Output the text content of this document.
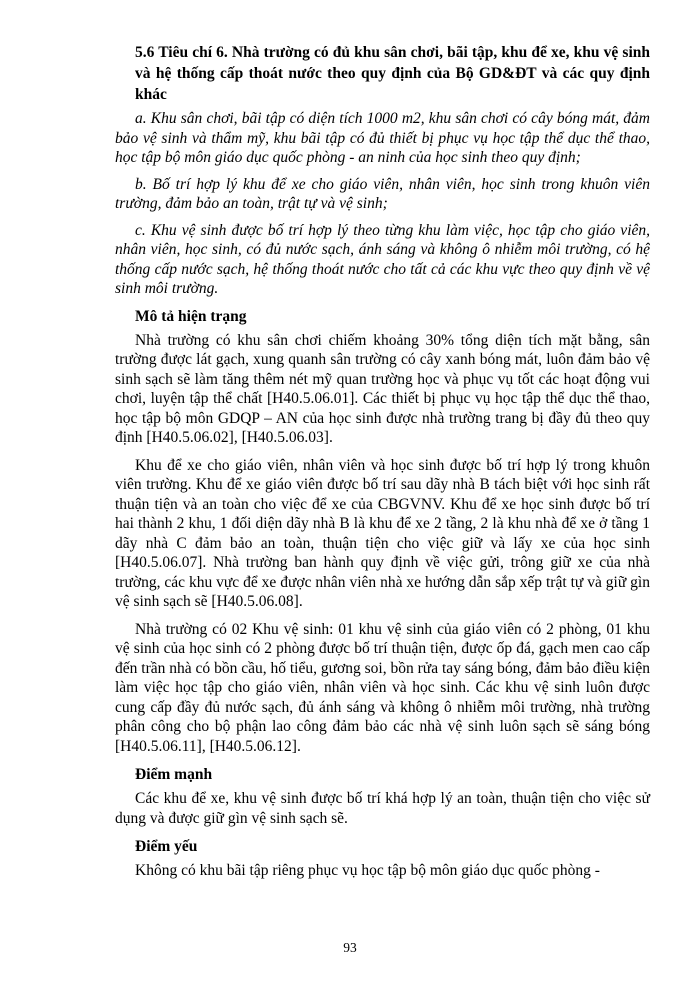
5.6 Tiêu chí 6. Nhà trường có đủ khu sân chơi, bãi tập, khu để xe, khu vệ sinh và hệ thống cấp thoát nước theo quy định của Bộ GD&ĐT và các quy định khác

a. Khu sân chơi, bãi tập có diện tích 1000 m2, khu sân chơi có cây bóng mát, đảm bảo vệ sinh và thẩm mỹ, khu bãi tập có đủ thiết bị phục vụ học tập thể dục thể thao, học tập bộ môn giáo dục quốc phòng - an ninh của học sinh theo quy định;

b. Bố trí hợp lý khu để xe cho giáo viên, nhân viên, học sinh trong khuôn viên trường, đảm bảo an toàn, trật tự và vệ sinh;

c. Khu vệ sinh được bố trí hợp lý theo từng khu làm việc, học tập cho giáo viên, nhân viên, học sinh, có đủ nước sạch, ánh sáng và không ô nhiễm môi trường, có hệ thống cấp nước sạch, hệ thống thoát nước cho tất cả các khu vực theo quy định về vệ sinh môi trường.

Mô tả hiện trạng

Nhà trường có khu sân chơi chiếm khoảng 30% tổng diện tích mặt bằng, sân trường được lát gạch, xung quanh sân trường có cây xanh bóng mát, luôn đảm bảo vệ sinh sạch sẽ làm tăng thêm nét mỹ quan trường học và phục vụ tốt các hoạt động vui chơi, luyện tập thể chất [H40.5.06.01]. Các thiết bị phục vụ học tập thể dục thể thao, học tập bộ môn GDQP – AN của học sinh được nhà trường trang bị đầy đủ theo quy định [H40.5.06.02], [H40.5.06.03].

Khu để xe cho giáo viên, nhân viên và học sinh được bố trí hợp lý trong khuôn viên trường. Khu để xe giáo viên được bố trí sau dãy nhà B tách biệt với học sinh rất thuận tiện và an toàn cho việc để xe của CBGVNV. Khu để xe học sinh được bố trí hai thành 2 khu, 1 đối diện dãy nhà B là khu để xe 2 tầng, 2 là khu nhà để xe ở tầng 1 dãy nhà C đảm bảo an toàn, thuận tiện cho việc giữ và lấy xe của học sinh [H40.5.06.07]. Nhà trường ban hành quy định về việc gửi, trông giữ xe của nhà trường, các khu vực để xe được nhân viên nhà xe hướng dẫn sắp xếp trật tự và giữ gìn vệ sinh sạch sẽ [H40.5.06.08].

Nhà trường có 02 Khu vệ sinh: 01 khu vệ sinh của giáo viên có 2 phòng, 01 khu vệ sinh của học sinh có 2 phòng được bố trí thuận tiện, được ốp đá, gạch men cao cấp đến trần nhà có bồn cầu, hố tiểu, gương soi, bồn rửa tay sáng bóng, đảm bảo điều kiện làm việc học tập cho giáo viên, nhân viên và học sinh. Các khu vệ sinh luôn được cung cấp đầy đủ nước sạch, đủ ánh sáng và không ô nhiễm môi trường, nhà trường phân công cho bộ phận lao công đảm bảo các nhà vệ sinh luôn sạch sẽ sáng bóng [H40.5.06.11], [H40.5.06.12].

Điểm mạnh

Các khu để xe, khu vệ sinh được bố trí khá hợp lý an toàn, thuận tiện cho việc sử dụng và được giữ gìn vệ sinh sạch sẽ.

Điểm yếu

Không có khu bãi tập riêng phục vụ học tập bộ môn giáo dục quốc phòng -

93
